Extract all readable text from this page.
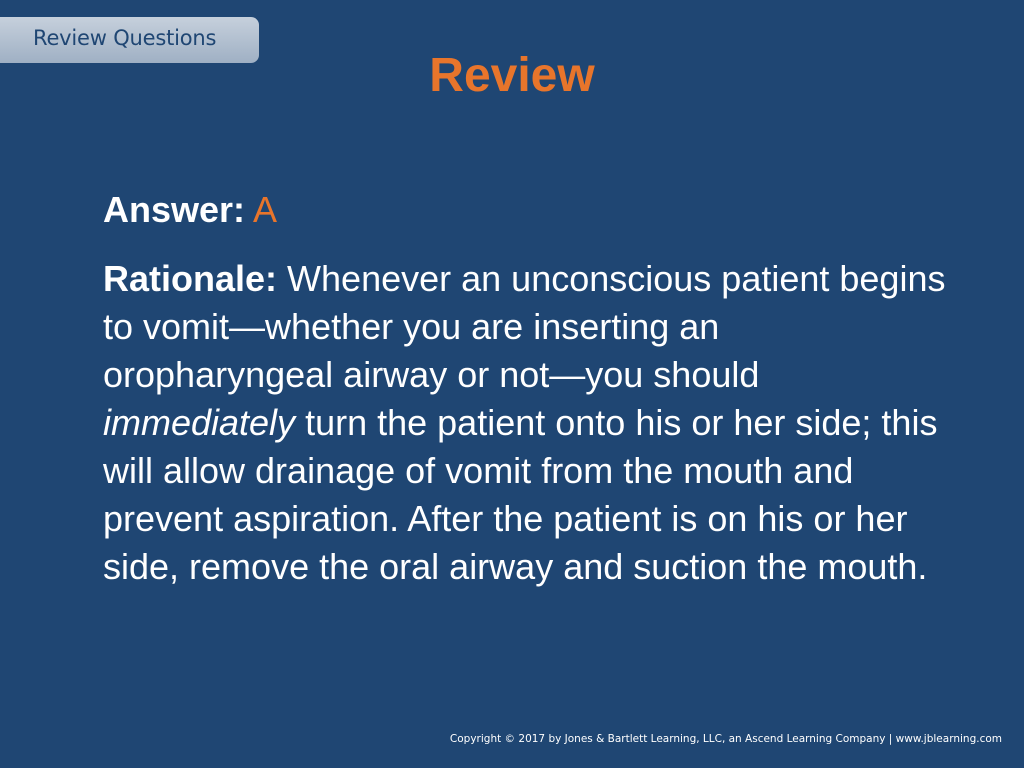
Review Questions
Review

Answer: A

Rationale: Whenever an unconscious patient begins to vomit—whether you are inserting an oropharyngeal airway or not—you should immediately turn the patient onto his or her side; this will allow drainage of vomit from the mouth and prevent aspiration. After the patient is on his or her side, remove the oral airway and suction the mouth.

Copyright © 2017 by Jones & Bartlett Learning, LLC, an Ascend Learning Company | www.jblearning.com
